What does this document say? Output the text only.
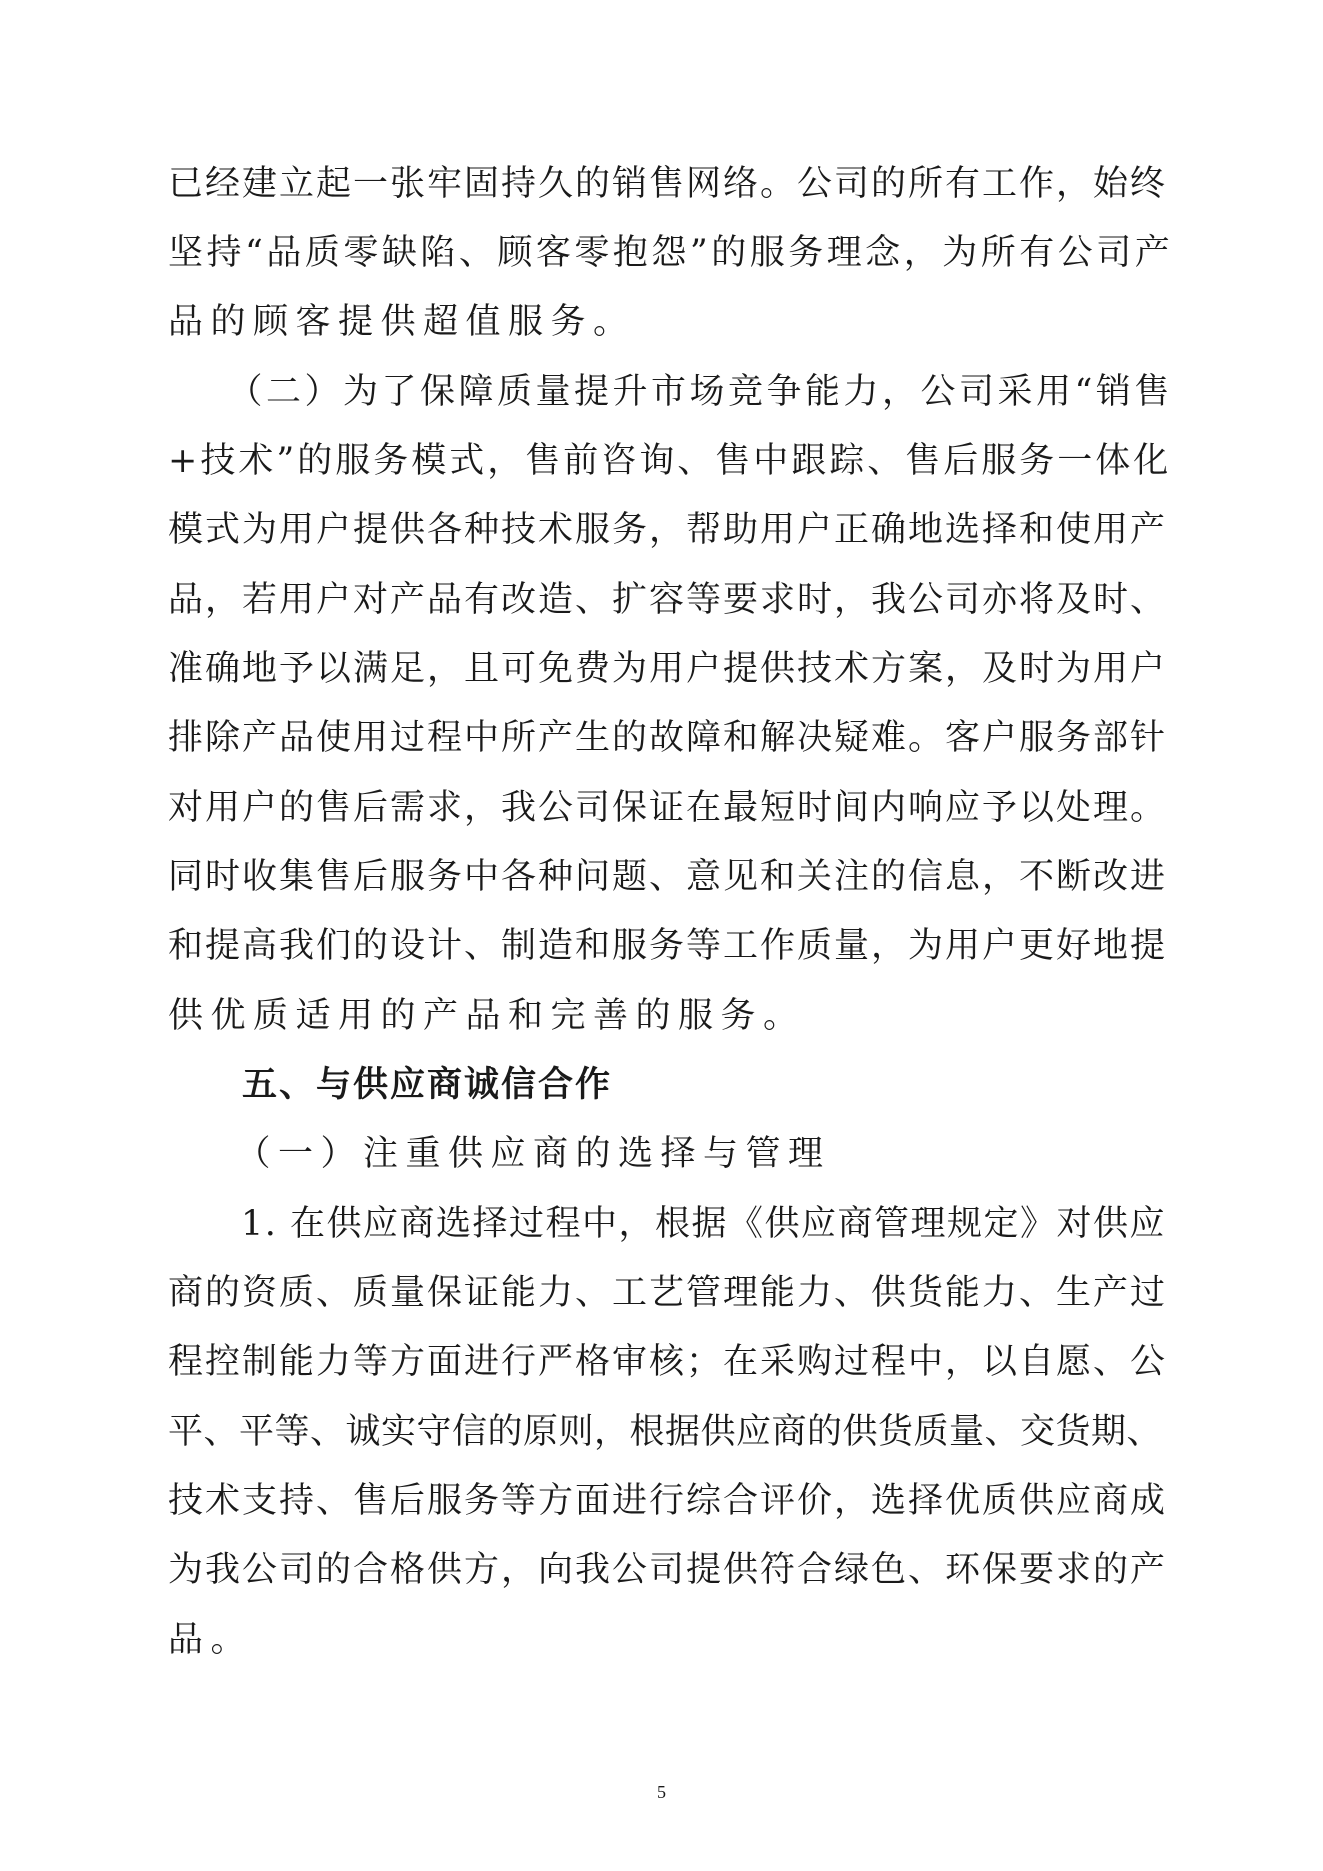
已经建立起一张牢固持久的销售网络。公司的所有工作，始终
坚持“品质零缺陷、顾客零抱怨”的服务理念，为所有公司产
品的顾客提供超值服务。
　　（二）为了保障质量提升市场竞争能力，公司采用“销售
+技术”的服务模式，售前咨询、售中跟踪、售后服务一体化
模式为用户提供各种技术服务，帮助用户正确地选择和使用产
品，若用户对产品有改造、扩容等要求时，我公司亦将及时、
准确地予以满足，且可免费为用户提供技术方案，及时为用户
排除产品使用过程中所产生的故障和解决疑难。客户服务部针
对用户的售后需求，我公司保证在最短时间内响应予以处理。
同时收集售后服务中各种问题、意见和关注的信息，不断改进
和提高我们的设计、制造和服务等工作质量，为用户更好地提
供优质适用的产品和完善的服务。
　　五、与供应商诚信合作
　　（一）注重供应商的选择与管理
　　1. 在供应商选择过程中，根据《供应商管理规定》对供应
商的资质、质量保证能力、工艺管理能力、供货能力、生产过
程控制能力等方面进行严格审核；在采购过程中，以自愿、公
平、平等、诚实守信的原则，根据供应商的供货质量、交货期、
技术支持、售后服务等方面进行综合评价，选择优质供应商成
为我公司的合格供方，向我公司提供符合绿色、环保要求的产
品。
5
